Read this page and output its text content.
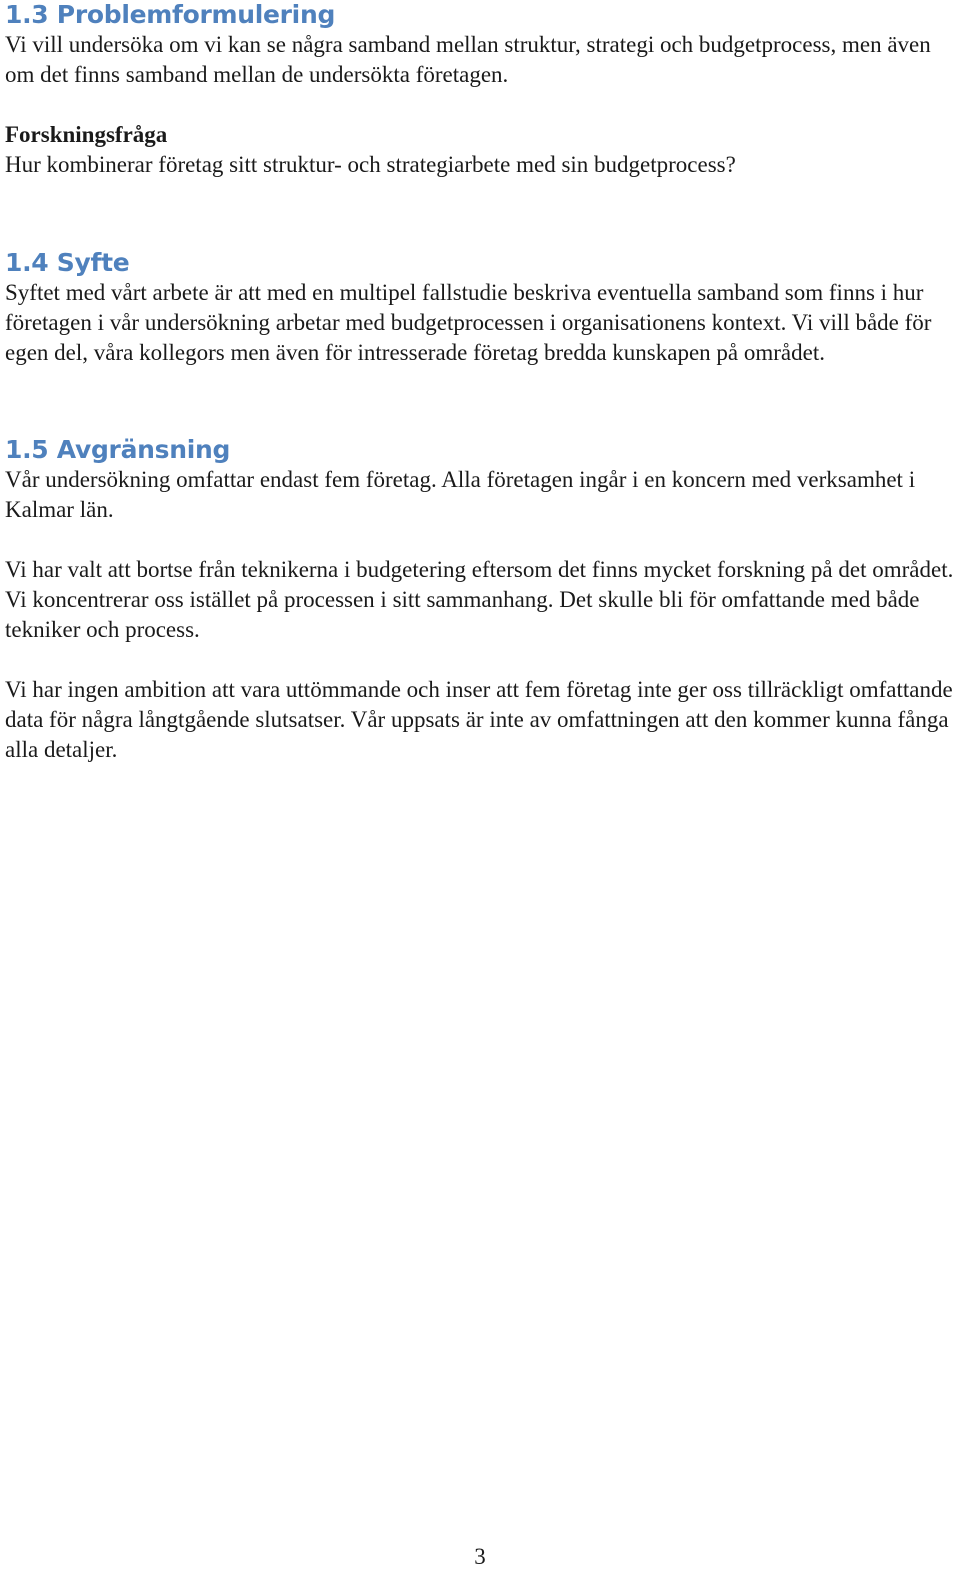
1.3 Problemformulering

Vi vill undersöka om vi kan se några samband mellan struktur, strategi och budgetprocess, men även om det finns samband mellan de undersökta företagen.

Forskningsfråga

Hur kombinerar företag sitt struktur- och strategiarbete med sin budgetprocess?

1.4 Syfte

Syftet med vårt arbete är att med en multipel fallstudie beskriva eventuella samband som finns i hur företagen i vår undersökning arbetar med budgetprocessen i organisationens kontext. Vi vill både för egen del, våra kollegors men även för intresserade företag bredda kunskapen på området.

1.5 Avgränsning

Vår undersökning omfattar endast fem företag. Alla företagen ingår i en koncern med verksamhet i Kalmar län.

Vi har valt att bortse från teknikerna i budgetering eftersom det finns mycket forskning på det området. Vi koncentrerar oss istället på processen i sitt sammanhang. Det skulle bli för omfattande med både tekniker och process.

Vi har ingen ambition att vara uttömmande och inser att fem företag inte ger oss tillräckligt omfattande data för några långtgående slutsatser. Vår uppsats är inte av omfattningen att den kommer kunna fånga alla detaljer.

3
